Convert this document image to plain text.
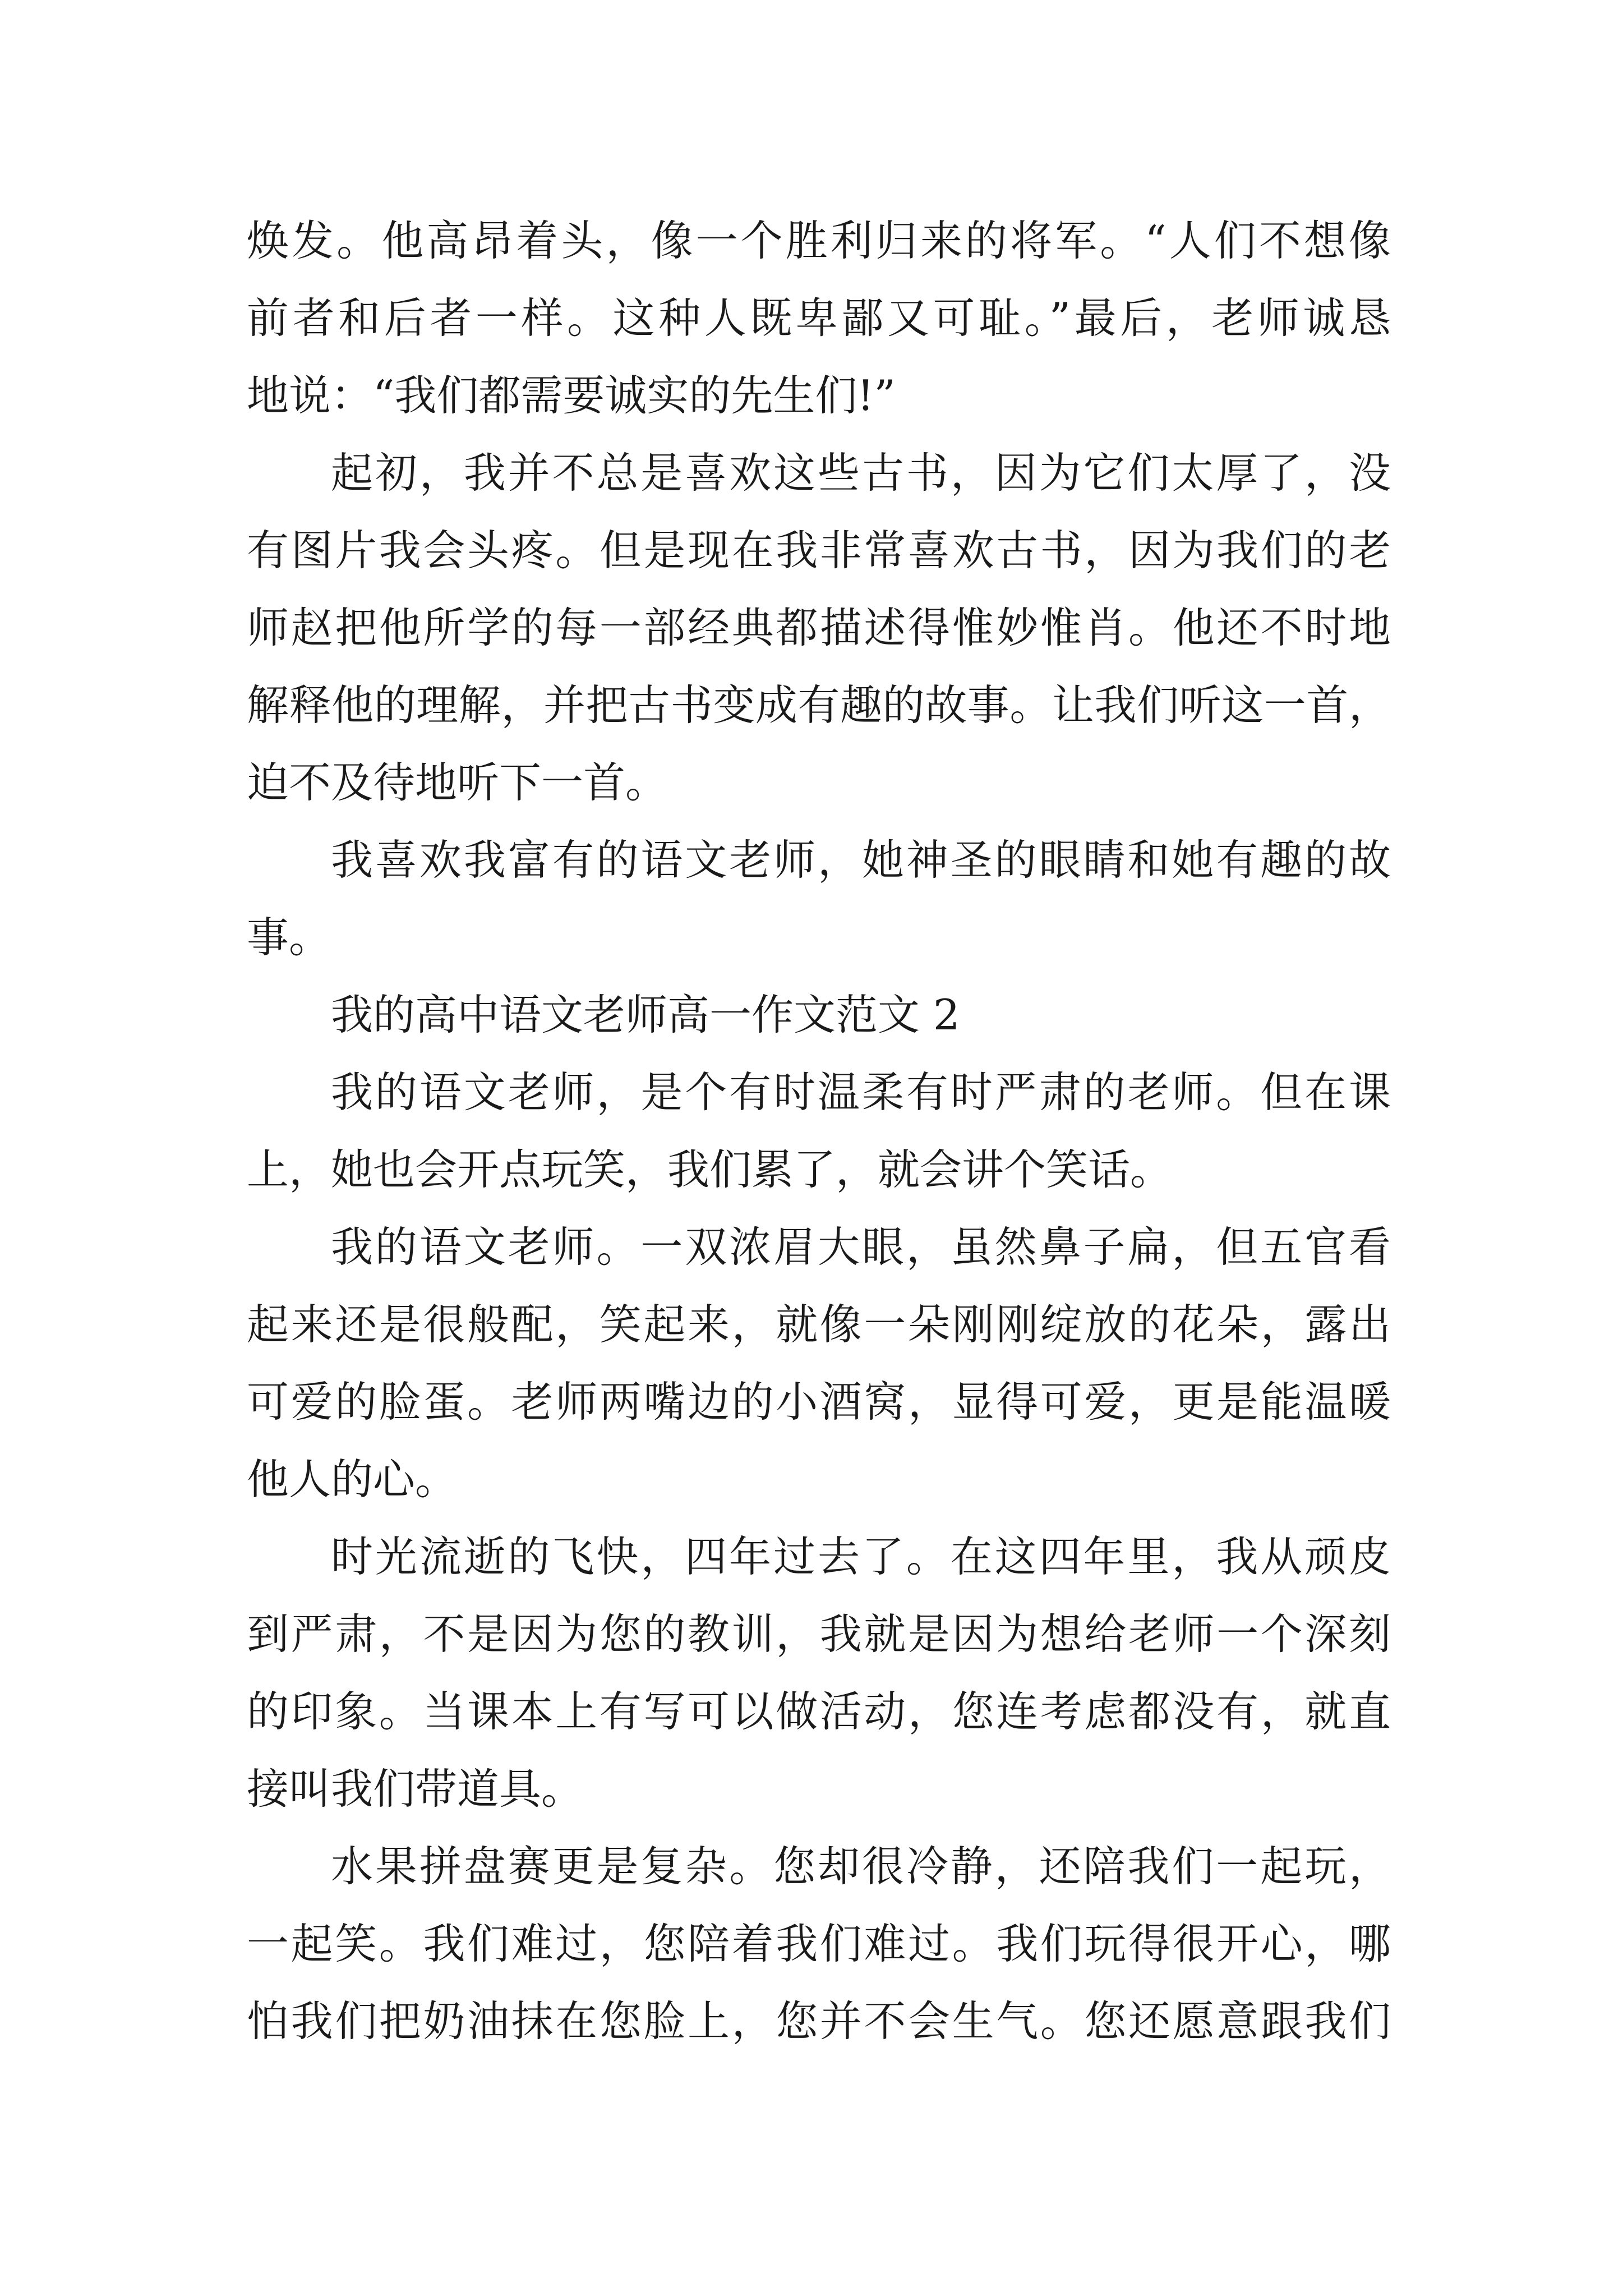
焕发。他高昂着头，像一个胜利归来的将军。“人们不想像
前者和后者一样。这种人既卑鄙又可耻。”最后，老师诚恳
地说：“我们都需要诚实的先生们!”
起初，我并不总是喜欢这些古书，因为它们太厚了，没
有图片我会头疼。但是现在我非常喜欢古书，因为我们的老
师赵把他所学的每一部经典都描述得惟妙惟肖。他还不时地
解释他的理解，并把古书变成有趣的故事。让我们听这一首，
迫不及待地听下一首。
我喜欢我富有的语文老师，她神圣的眼睛和她有趣的故
事。
我的高中语文老师高一作文范文 2
我的语文老师，是个有时温柔有时严肃的老师。但在课
上，她也会开点玩笑，我们累了，就会讲个笑话。
我的语文老师。一双浓眉大眼，虽然鼻子扁，但五官看
起来还是很般配，笑起来，就像一朵刚刚绽放的花朵，露出
可爱的脸蛋。老师两嘴边的小酒窝，显得可爱，更是能温暖
他人的心。
时光流逝的飞快，四年过去了。在这四年里，我从顽皮
到严肃，不是因为您的教训，我就是因为想给老师一个深刻
的印象。当课本上有写可以做活动，您连考虑都没有，就直
接叫我们带道具。
水果拼盘赛更是复杂。您却很冷静，还陪我们一起玩，
一起笑。我们难过，您陪着我们难过。我们玩得很开心，哪
怕我们把奶油抹在您脸上，您并不会生气。您还愿意跟我们
